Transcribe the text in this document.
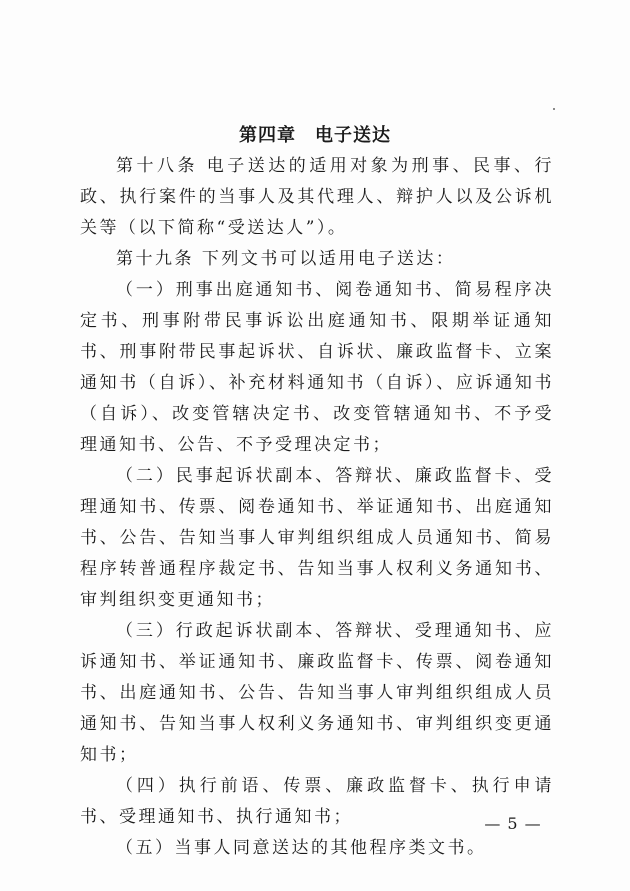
第四章　电子送达

第十八条 电子送达的适用对象为刑事、民事、行政、执行案件的当事人及其代理人、辩护人以及公诉机关等（以下简称“受送达人”）。

第十九条 下列文书可以适用电子送达：

（一）刑事出庭通知书、阅卷通知书、简易程序决定书、刑事附带民事诉讼出庭通知书、限期举证通知书、刑事附带民事起诉状、自诉状、廉政监督卡、立案通知书（自诉）、补充材料通知书（自诉）、应诉通知书（自诉）、改变管辖决定书、改变管辖通知书、不予受理通知书、公告、不予受理决定书；

（二）民事起诉状副本、答辩状、廉政监督卡、受理通知书、传票、阅卷通知书、举证通知书、出庭通知书、公告、告知当事人审判组织组成人员通知书、简易程序转普通程序裁定书、告知当事人权利义务通知书、审判组织变更通知书；

（三）行政起诉状副本、答辩状、受理通知书、应诉通知书、举证通知书、廉政监督卡、传票、阅卷通知书、出庭通知书、公告、告知当事人审判组织组成人员通知书、告知当事人权利义务通知书、审判组织变更通知书；

（四）执行前语、传票、廉政监督卡、执行申请书、受理通知书、执行通知书；

（五）当事人同意送达的其他程序类文书。

— 5 —
